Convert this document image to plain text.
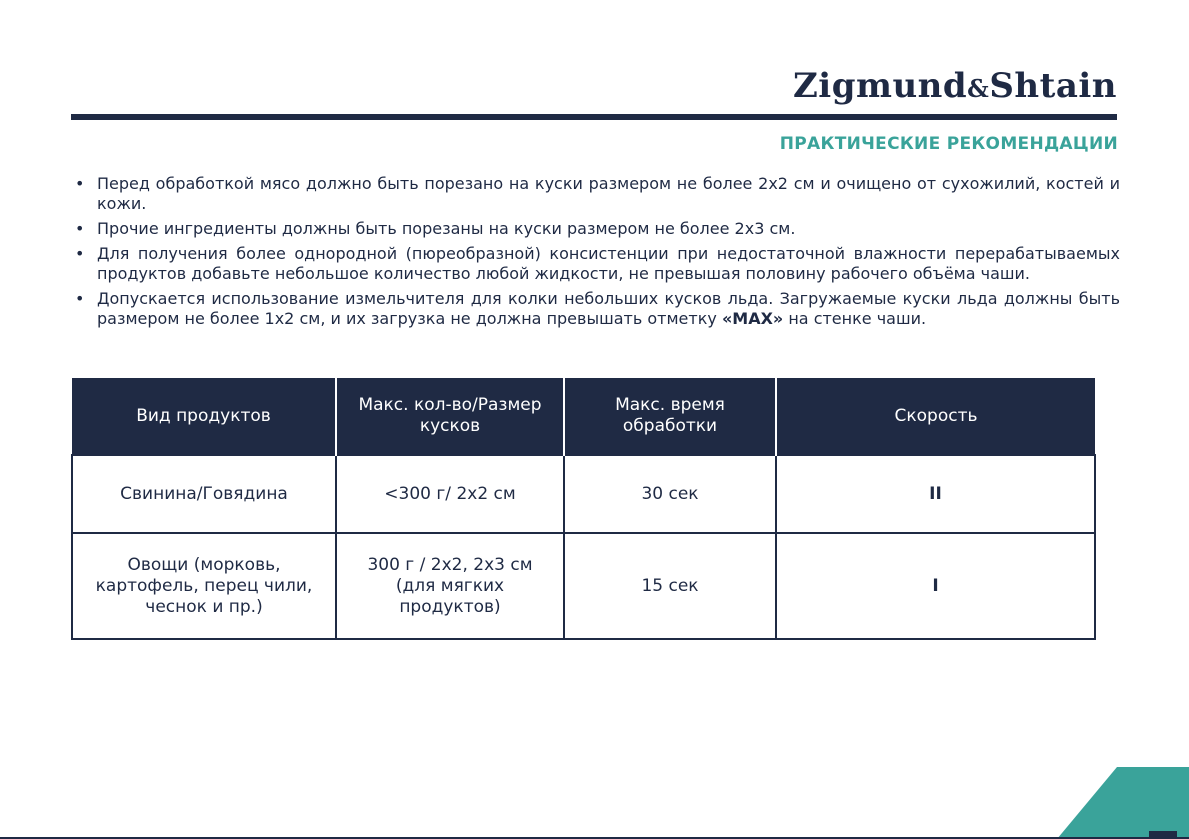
Zigmund&Shtain
ПРАКТИЧЕСКИЕ РЕКОМЕНДАЦИИ
• Перед обработкой мясо должно быть порезано на куски размером не более 2х2 см и очищено от сухожилий, костей и кожи.
• Прочие ингредиенты должны быть порезаны на куски размером не более 2х3 см.
• Для получения более однородной (пюреобразной) консистенции при недостаточной влажности перерабатываемых продуктов добавьте небольшое количество любой жидкости, не превышая половину рабочего объёма чаши.
• Допускается использование измельчителя для колки небольших кусков льда. Загружаемые куски льда должны быть размером не более 1х2 см, и их загрузка не должна превышать отметку «MAX» на стенке чаши.
Вид продуктов	Макс. кол-во/Размер кусков	Макс. время обработки	Скорость
Свинина/Говядина	<300 г/ 2х2 см	30 сек	II
Овощи (морковь, картофель, перец чили, чеснок и пр.)	300 г / 2х2, 2х3 см (для мягких продуктов)	15 сек	I
